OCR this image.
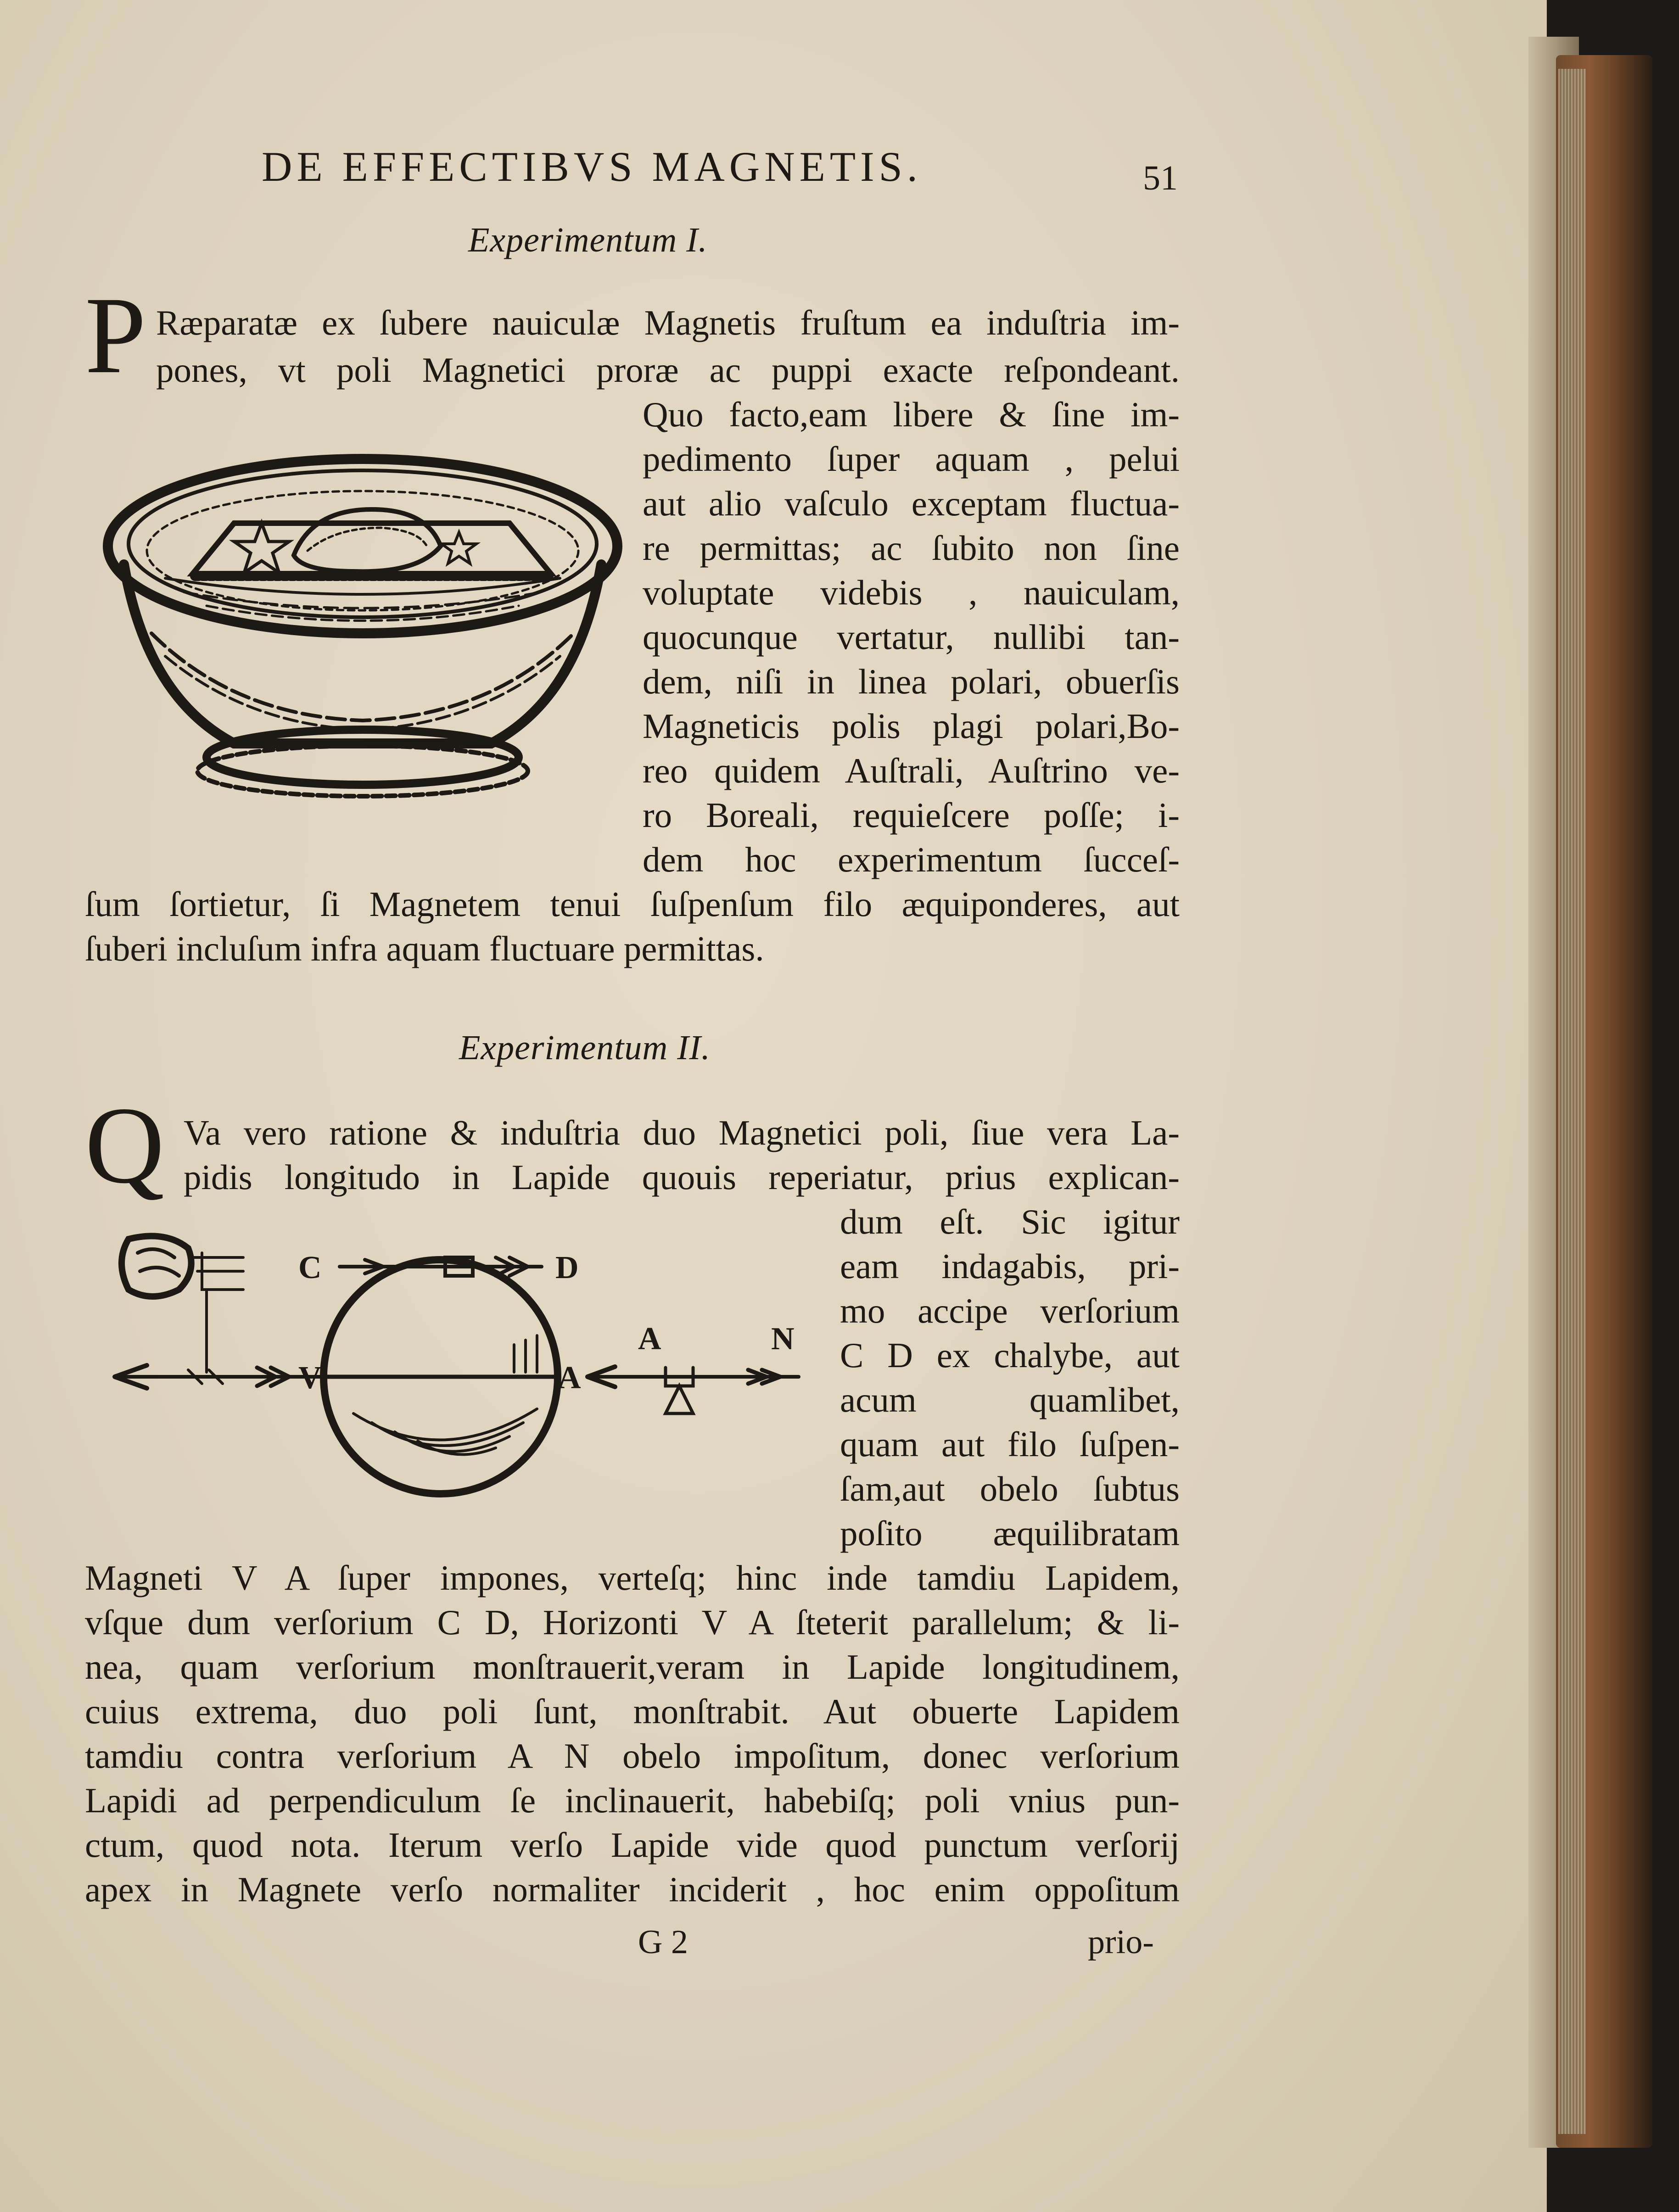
DE EFFECTIBVS MAGNETIS.	51
Experimentum I.
P Ræparatæ ex ſubere nauiculæ Magnetis fruſtum ea induſtria im-
pones, vt poli Magnetici proræ ac puppi exacte reſpondeant.
Quo facto,eam libere & ſine im-
pedimento ſuper aquam , pelui
aut alio vaſculo exceptam fluctua-
re permittas; ac ſubito non ſine
voluptate videbis , nauiculam,
quocunque vertatur, nullibi tan-
dem, niſi in linea polari, obuerſis
Magneticis polis plagi polari,Bo-
reo quidem Auſtrali, Auſtrino ve-
ro Boreali, requieſcere poſſe; i-
dem hoc experimentum ſucceſ-
ſum ſortietur, ſi Magnetem tenui ſuſpenſum filo æquiponderes, aut
ſuberi incluſum infra aquam fluctuare permittas.
Experimentum II.
Q Va vero ratione & induſtria duo Magnetici poli, ſiue vera La-
pidis longitudo in Lapide quouis reperiatur, prius explican-
dum eſt. Sic igitur
eam indagabis, pri-
mo accipe verſorium
C D ex chalybe, aut
acum quamlibet,
quam aut filo ſuſpen-
ſam,aut obelo ſubtus
poſito æquilibratam
Magneti V A ſuper impones, verteſq; hinc inde tamdiu Lapidem,
vſque dum verſorium C D, Horizonti V A ſteterit parallelum; & li-
nea, quam verſorium monſtrauerit,veram in Lapide longitudinem,
cuius extrema, duo poli ſunt, monſtrabit. Aut obuerte Lapidem
tamdiu contra verſorium A N obelo impoſitum, donec verſorium
Lapidi ad perpendiculum ſe inclinauerit, habebiſq; poli vnius pun-
ctum, quod nota. Iterum verſo Lapide vide quod punctum verſorij
apex in Magnete verſo normaliter inciderit , hoc enim oppoſitum
C	D
A	N
V	A
G 2	prio-
